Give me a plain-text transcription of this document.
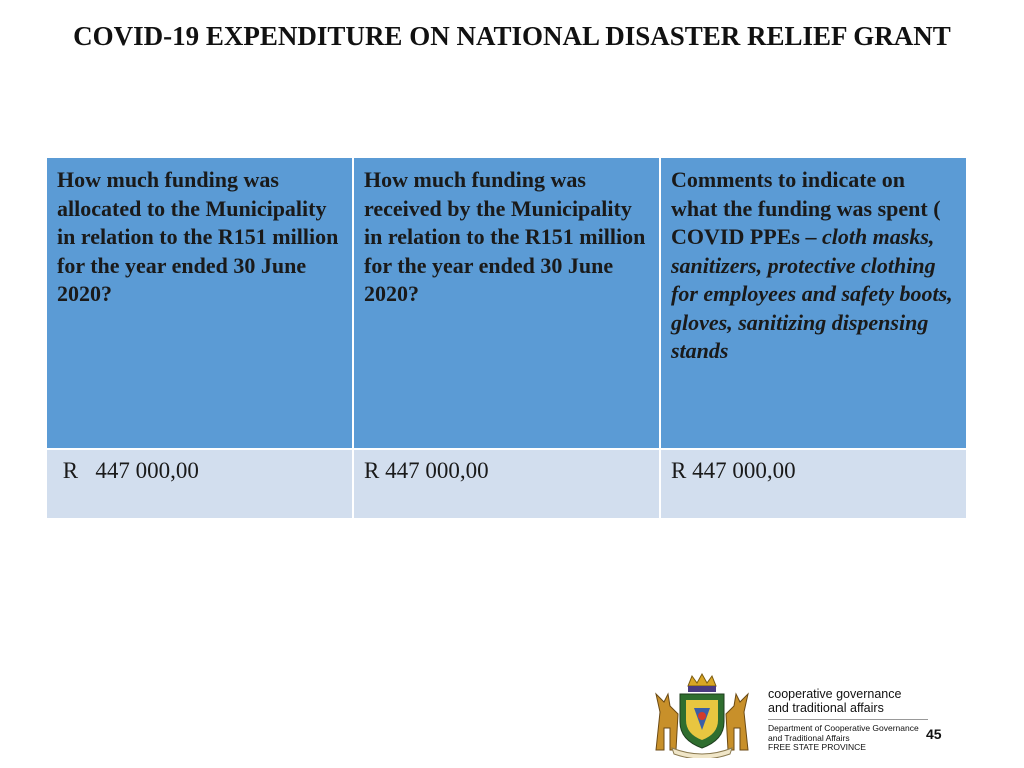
COVID-19 EXPENDITURE ON NATIONAL DISASTER RELIEF GRANT
How much funding was allocated to the Municipality in relation to the R151 million for the year ended 30 June 2020?	How much funding was received by the Municipality in relation to the R151 million for the year ended 30 June 2020?	Comments to indicate on what the funding was spent ( COVID PPEs – cloth masks, sanitizers, protective clothing for employees and safety boots, gloves, sanitizing dispensing stands
R   447 000,00	R 447 000,00	R 447 000,00
cooperative governance
and traditional affairs
Department of Cooperative Governance
and Traditional Affairs
FREE STATE PROVINCE
45
